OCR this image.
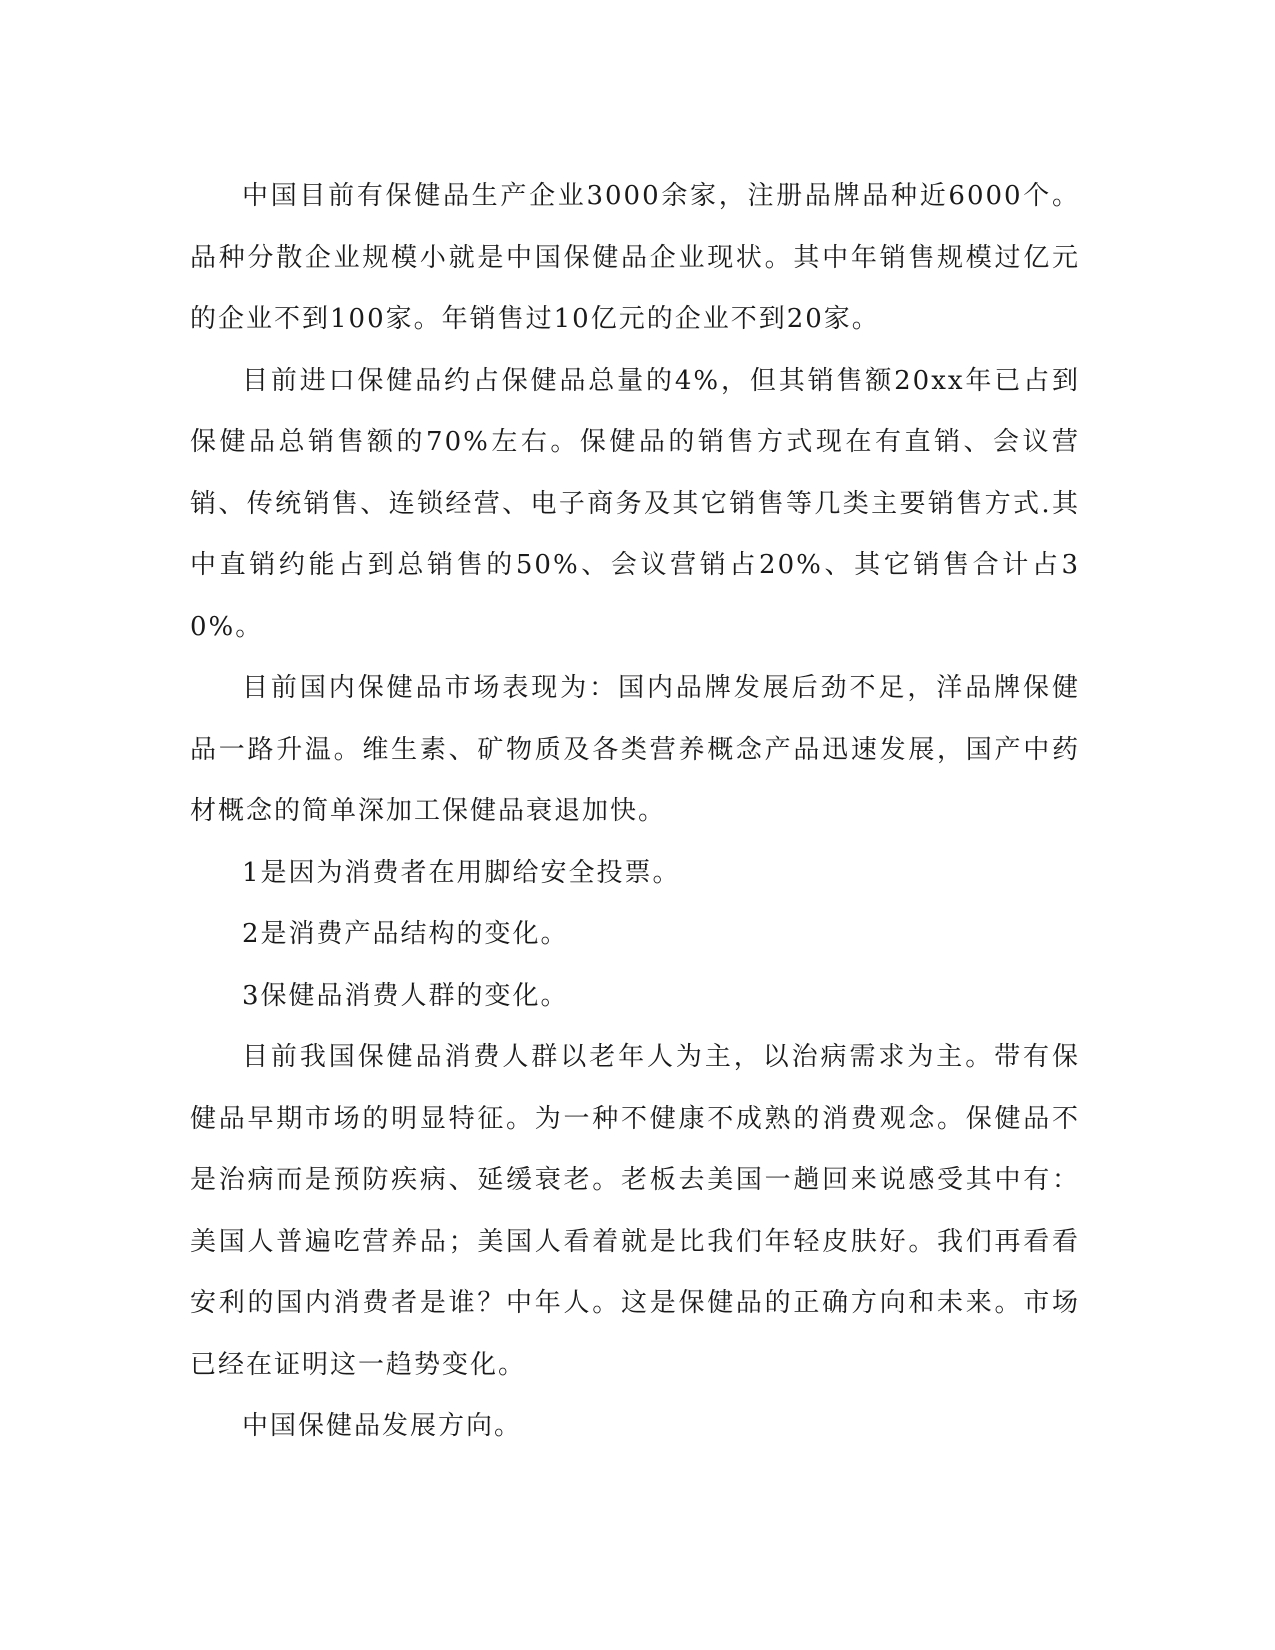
中国目前有保健品生产企业3000余家，注册品牌品种近6000个。品种分散企业规模小就是中国保健品企业现状。其中年销售规模过亿元的企业不到100家。年销售过10亿元的企业不到20家。

目前进口保健品约占保健品总量的4%，但其销售额20xx年已占到保健品总销售额的70%左右。保健品的销售方式现在有直销、会议营销、传统销售、连锁经营、电子商务及其它销售等几类主要销售方式.其中直销约能占到总销售的50%、会议营销占20%、其它销售合计占30%。

目前国内保健品市场表现为：国内品牌发展后劲不足，洋品牌保健品一路升温。维生素、矿物质及各类营养概念产品迅速发展，国产中药材概念的简单深加工保健品衰退加快。

1是因为消费者在用脚给安全投票。

2是消费产品结构的变化。

3保健品消费人群的变化。

目前我国保健品消费人群以老年人为主，以治病需求为主。带有保健品早期市场的明显特征。为一种不健康不成熟的消费观念。保健品不是治病而是预防疾病、延缓衰老。老板去美国一趟回来说感受其中有：美国人普遍吃营养品；美国人看着就是比我们年轻皮肤好。我们再看看安利的国内消费者是谁？中年人。这是保健品的正确方向和未来。市场已经在证明这一趋势变化。

中国保健品发展方向。
